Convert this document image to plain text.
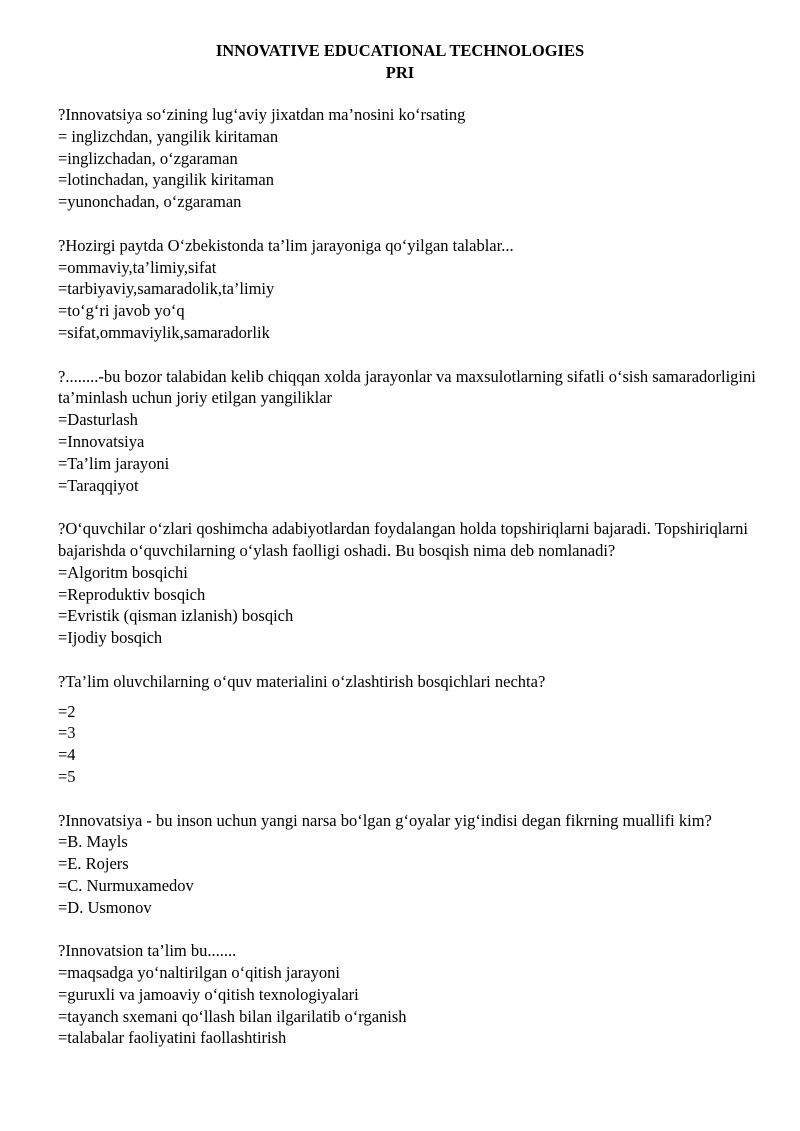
INNOVATIVE EDUCATIONAL TECHNOLOGIES
PRI
?Innovatsiya so‘zining lug‘aviy jixatdan ma’nosini ko‘rsating
= inglizchdan, yangilik kiritaman
=inglizchadan, o‘zgaraman
=lotinchadan, yangilik kiritaman
=yunonchadan, o‘zgaraman
?Hozirgi paytda O‘zbekistonda ta’lim jarayoniga qo‘yilgan talablar...
=ommaviy,ta’limiy,sifat
=tarbiyaviy,samaradolik,ta’limiy
=to‘g‘ri javob yo‘q
=sifat,ommaviylik,samaradorlik
?........-bu bozor talabidan kelib chiqqan xolda jarayonlar va maxsulotlarning sifatli o‘sish samaradorligini ta’minlash uchun joriy etilgan yangiliklar
=Dasturlash
=Innovatsiya
=Ta’lim jarayoni
=Taraqqiyot
?O‘quvchilar o‘zlari qoshimcha adabiyotlardan foydalangan holda topshiriqlarni bajaradi. Topshiriqlarni bajarishda o‘quvchilarning o‘ylash faolligi oshadi. Bu bosqish nima deb nomlanadi?
=Algoritm bosqichi
=Reproduktiv bosqich
=Evristik (qisman izlanish) bosqich
=Ijodiy bosqich
?Ta’lim oluvchilarning o‘quv materialini o‘zlashtirish bosqichlari nechta?
=2
=3
=4
=5
?Innovatsiya - bu inson uchun yangi narsa bo‘lgan g‘oyalar yig‘indisi degan fikrning muallifi kim?
=B. Mayls
=E. Rojers
=C. Nurmuxamedov
=D. Usmonov
?Innovatsion ta’lim bu.......
=maqsadga yo‘naltirilgan o‘qitish jarayoni
=guruxli va jamoaviy o‘qitish texnologiyalari
=tayanch sxemani qo‘llash bilan ilgarilatib o‘rganish
=talabalar faoliyatini faollashtirish
